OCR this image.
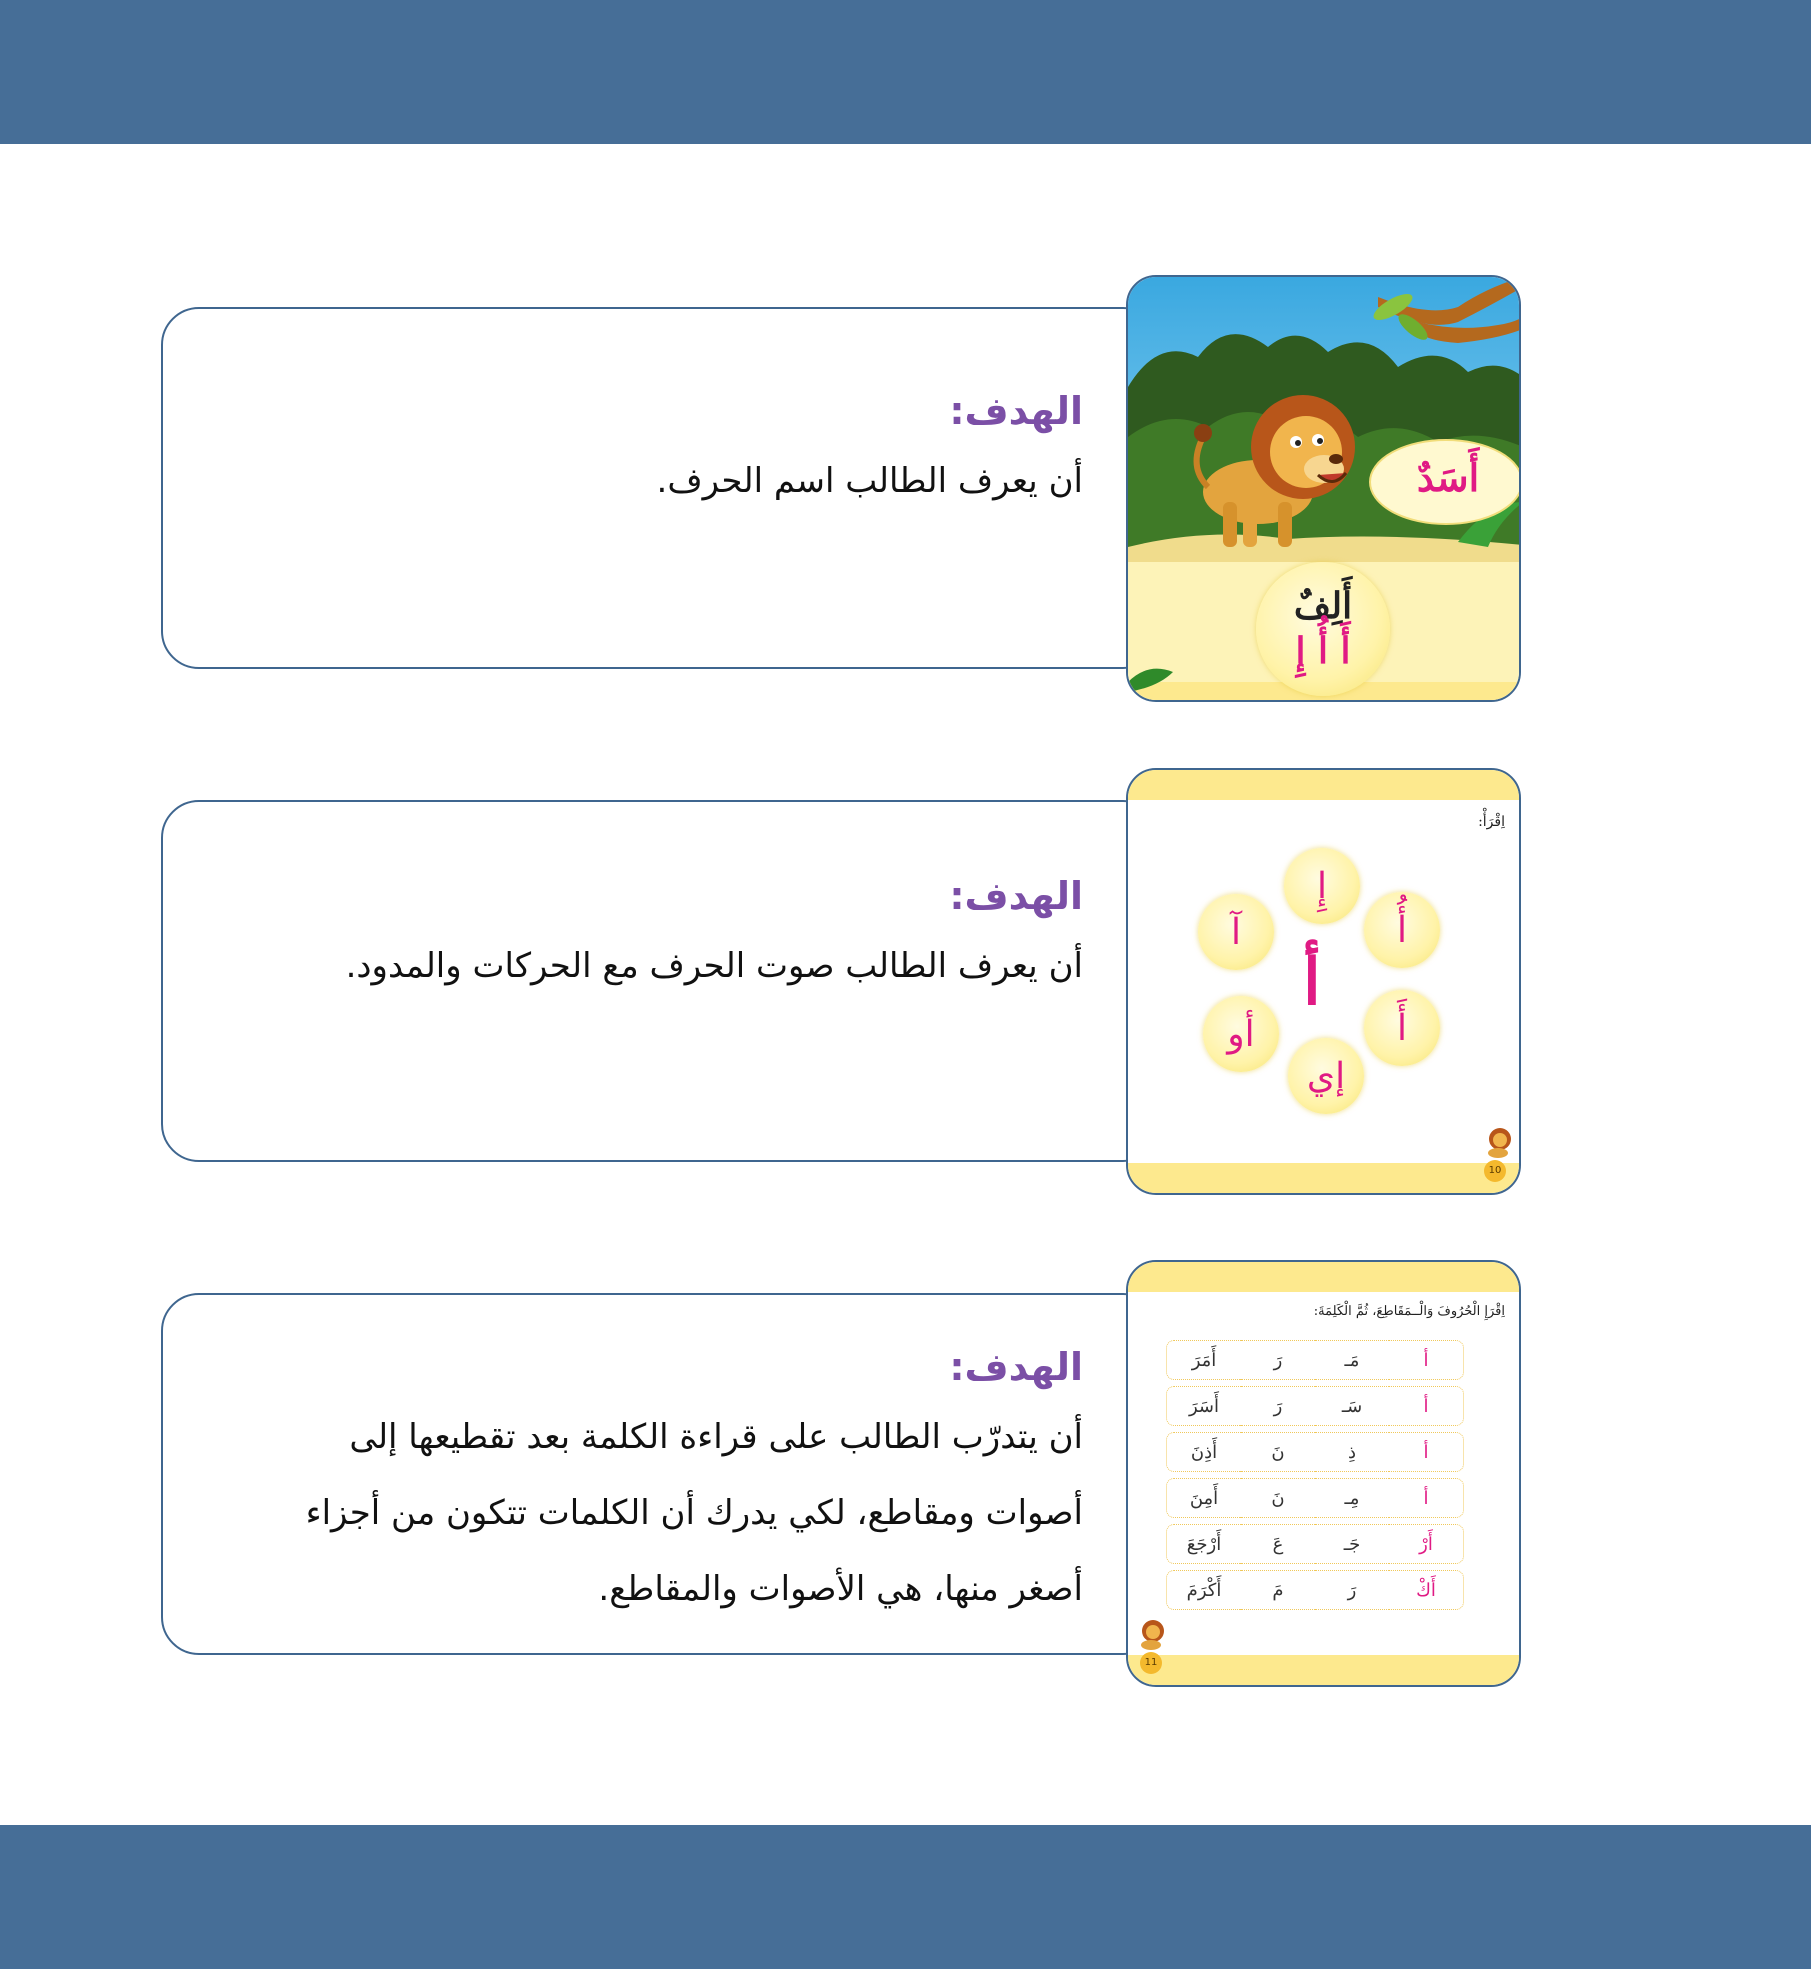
الهدف:
أن يعرف الطالب اسم الحرف.	أَسَدٌ
أَلِفٌ
أَ أُ إِ
الهدف:
أن يعرف الطالب صوت الحرف مع الحركات والمدود.
اِقْرَأْ:
أ
إِ
أُ
أَ
إي
أو
آ
10
الهدف:
أن يتدرّب الطالب على قراءة الكلمة بعد تقطيعها إلى أصوات ومقاطع، لكي يدرك أن الكلمات تتكون من أجزاء أصغر منها، هي الأصوات والمقاطع.
اِقْرَإِ الْحُرُوفَ وَالْــمَقَاطِعَ، ثُمَّ الْكَلِمَةَ:
أَمَرَ	رَ	مَـ	أ
أَسَرَ	رَ	سَـ	أ
أَذِنَ	نَ	ذِ	أ
أَمِنَ	نَ	مِـ	أ
أَرْجَعَ	عَ	جَـ	أَرْ
أَكْرَمَ	مَ	رَ	أَكْ
11
